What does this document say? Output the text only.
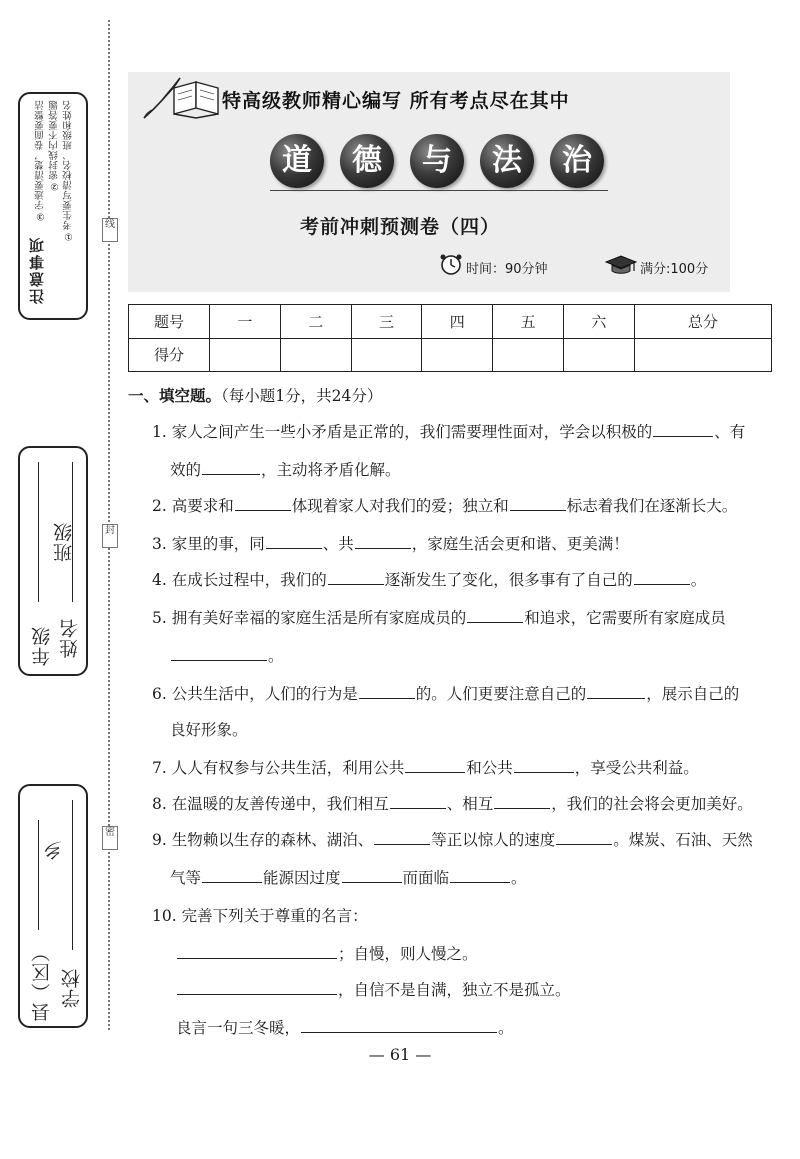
线
封
密
注意事项
①考生要写清校名、班级和姓名
②密封线内不要答题
③字迹要清楚，卷面要整洁
年级
班级
姓名
县（区）
乡
学校
特高级教师精心编写 所有考点尽在其中
道	德	与	法	治
考前冲刺预测卷（四）
时间：90分钟	满分:100分
题号	一	二	三	四	五	六	总分
得分							
一、填空题。（每小题1分，共24分）
1. 家人之间产生一些小矛盾是正常的，我们需要理性面对，学会以积极的	、有
效的	，主动将矛盾化解。
2. 高要求和	体现着家人对我们的爱；独立和	标志着我们在逐渐长大。
3. 家里的事，同	、共	，家庭生活会更和谐、更美满！
4. 在成长过程中，我们的	逐渐发生了变化，很多事有了自己的	。
5. 拥有美好幸福的家庭生活是所有家庭成员的	和追求，它需要所有家庭成员
。
6. 公共生活中，人们的行为是	的。人们更要注意自己的	，展示自己的
良好形象。
7. 人人有权参与公共生活，利用公共	和公共	，享受公共利益。
8. 在温暖的友善传递中，我们相互	、相互	，我们的社会将会更加美好。
9. 生物赖以生存的森林、湖泊、	等正以惊人的速度	。煤炭、石油、天然
气等	能源因过度	而面临	。
10. 完善下列关于尊重的名言：
；自慢，则人慢之。
，自信不是自满，独立不是孤立。
良言一句三冬暖，	。
— 61 —
